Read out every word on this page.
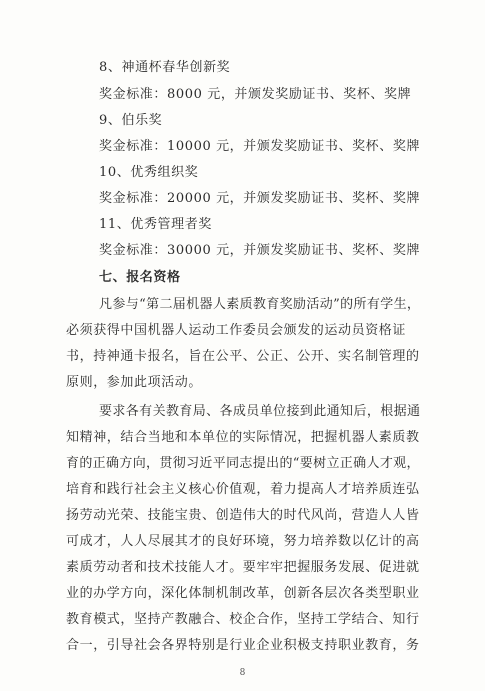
8、神通杯春华创新奖
奖金标准：8000 元，并颁发奖励证书、奖杯、奖牌
9、伯乐奖
奖金标准：10000 元，并颁发奖励证书、奖杯、奖牌
10、优秀组织奖
奖金标准：20000 元，并颁发奖励证书、奖杯、奖牌
11、优秀管理者奖
奖金标准：30000 元，并颁发奖励证书、奖杯、奖牌
七、报名资格
凡参与“第二届机器人素质教育奖励活动”的所有学生，
必须获得中国机器人运动工作委员会颁发的运动员资格证
书，持神通卡报名，旨在公平、公正、公开、实名制管理的
原则，参加此项活动。
要求各有关教育局、各成员单位接到此通知后，根据通
知精神，结合当地和本单位的实际情况，把握机器人素质教
育的正确方向，贯彻习近平同志提出的“要树立正确人才观，
培育和践行社会主义核心价值观，着力提高人才培养质连弘
扬劳动光荣、技能宝贵、创造伟大的时代风尚，营造人人皆
可成才，人人尽展其才的良好环境，努力培养数以亿计的高
素质劳动者和技术技能人才。要牢牢把握服务发展、促进就
业的办学方向，深化体制机制改革，创新各层次各类型职业
教育模式，坚持产教融合、校企合作，坚持工学结合、知行
合一，引导社会各界特别是行业企业积极支持职业教育，务
8
